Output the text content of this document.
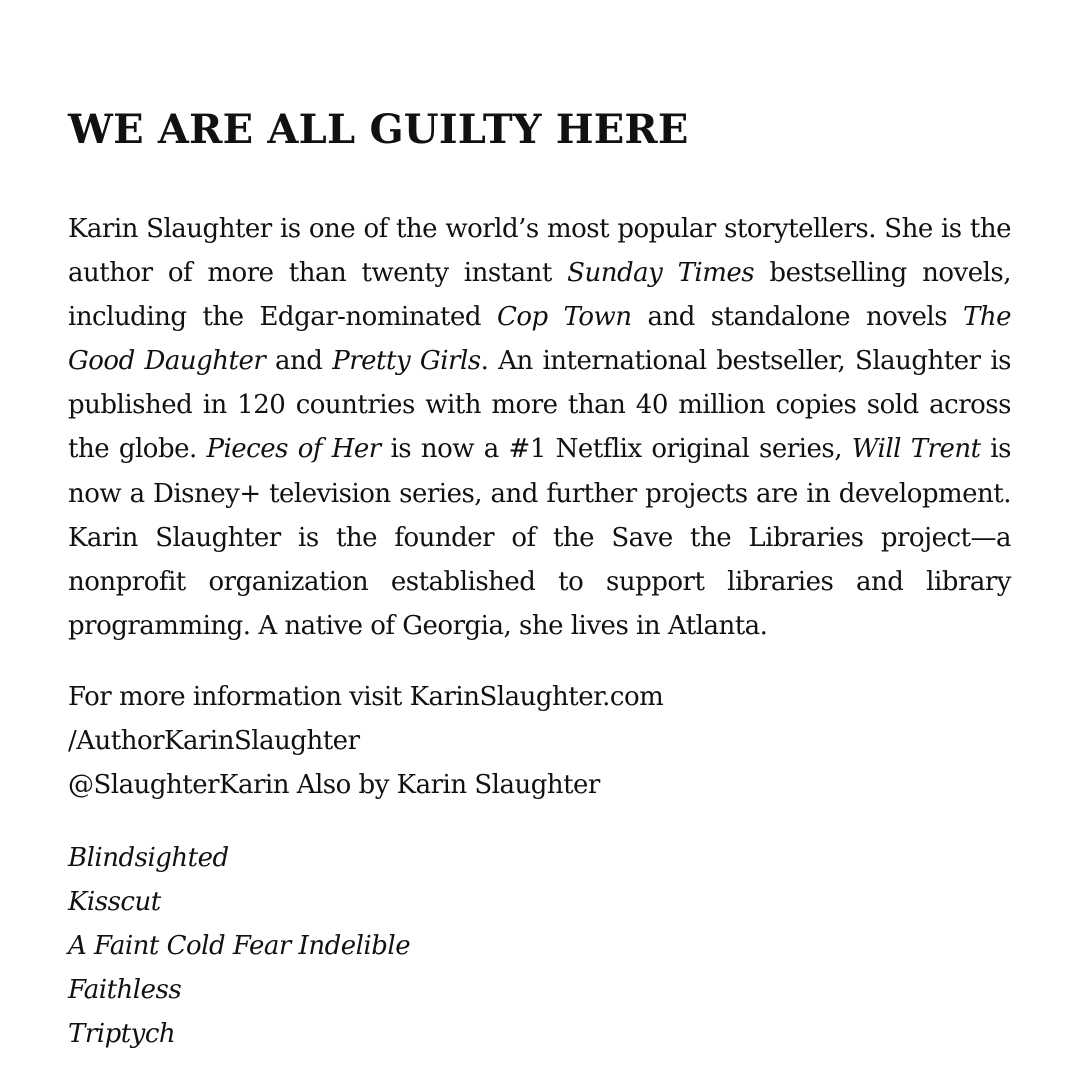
WE ARE ALL GUILTY HERE

Karin Slaughter is one of the world’s most popular storytellers. She is the author of more than twenty instant Sunday Times bestselling novels, including the Edgar-nominated Cop Town and standalone novels The Good Daughter and Pretty Girls. An international bestseller, Slaughter is published in 120 countries with more than 40 million copies sold across the globe. Pieces of Her is now a #1 Netflix original series, Will Trent is now a Disney+ television series, and further projects are in development. Karin Slaughter is the founder of the Save the Libraries project—a nonprofit organization established to support libraries and library programming. A native of Georgia, she lives in Atlanta.

For more information visit KarinSlaughter.com
/AuthorKarinSlaughter
@SlaughterKarin Also by Karin Slaughter
Blindsighted
Kisscut
A Faint Cold Fear Indelible
Faithless
Triptych
